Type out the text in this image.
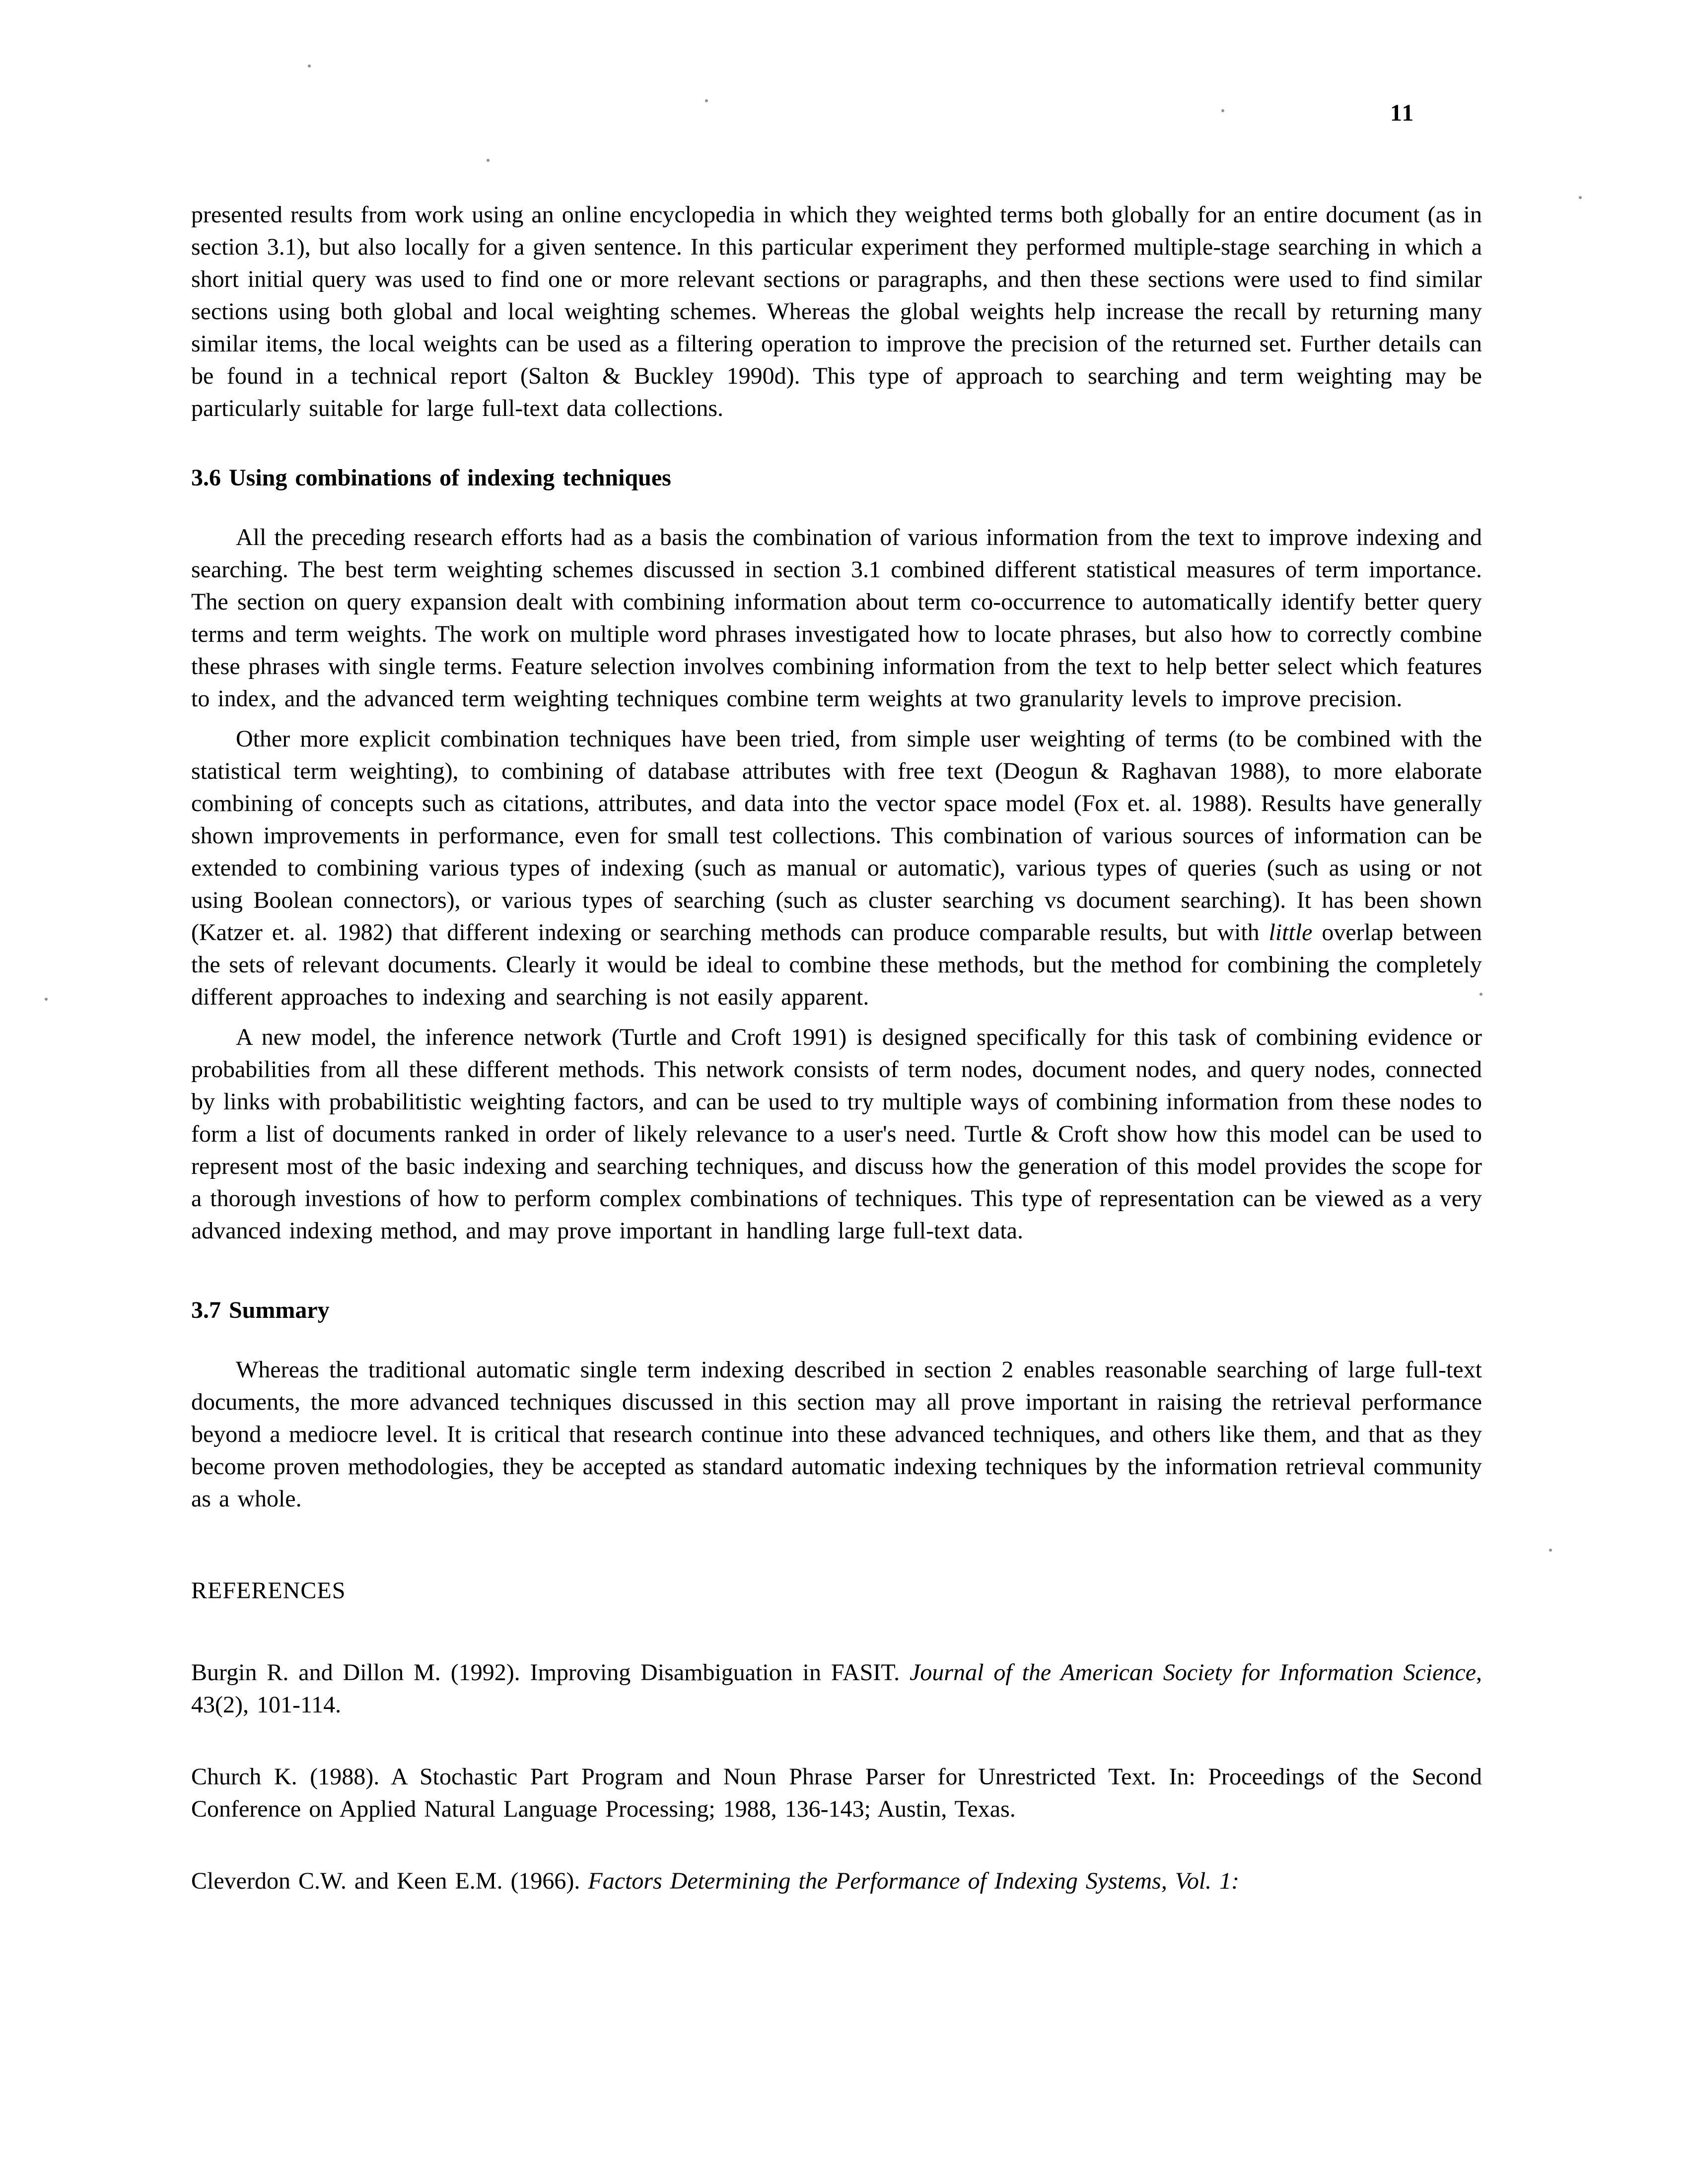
11

presented results from work using an online encyclopedia in which they weighted terms both globally for an entire document (as in section 3.1), but also locally for a given sentence. In this particular experiment they performed multiple-stage searching in which a short initial query was used to find one or more relevant sections or paragraphs, and then these sections were used to find similar sections using both global and local weighting schemes. Whereas the global weights help increase the recall by returning many similar items, the local weights can be used as a filtering operation to improve the precision of the returned set. Further details can be found in a technical report (Salton & Buckley 1990d). This type of approach to searching and term weighting may be particularly suitable for large full-text data collections.

3.6 Using combinations of indexing techniques

All the preceding research efforts had as a basis the combination of various information from the text to improve indexing and searching. The best term weighting schemes discussed in section 3.1 combined different statistical measures of term importance. The section on query expansion dealt with combining information about term co-occurrence to automatically identify better query terms and term weights. The work on multiple word phrases investigated how to locate phrases, but also how to correctly combine these phrases with single terms. Feature selection involves combining information from the text to help better select which features to index, and the advanced term weighting techniques combine term weights at two granularity levels to improve precision.

Other more explicit combination techniques have been tried, from simple user weighting of terms (to be combined with the statistical term weighting), to combining of database attributes with free text (Deogun & Raghavan 1988), to more elaborate combining of concepts such as citations, attributes, and data into the vector space model (Fox et. al. 1988). Results have generally shown improvements in performance, even for small test collections. This combination of various sources of information can be extended to combining various types of indexing (such as manual or automatic), various types of queries (such as using or not using Boolean connectors), or various types of searching (such as cluster searching vs document searching). It has been shown (Katzer et. al. 1982) that different indexing or searching methods can produce comparable results, but with little overlap between the sets of relevant documents. Clearly it would be ideal to combine these methods, but the method for combining the completely different approaches to indexing and searching is not easily apparent.

A new model, the inference network (Turtle and Croft 1991) is designed specifically for this task of combining evidence or probabilities from all these different methods. This network consists of term nodes, document nodes, and query nodes, connected by links with probabilitistic weighting factors, and can be used to try multiple ways of combining information from these nodes to form a list of documents ranked in order of likely relevance to a user's need. Turtle & Croft show how this model can be used to represent most of the basic indexing and searching techniques, and discuss how the generation of this model provides the scope for a thorough investions of how to perform complex combinations of techniques. This type of representation can be viewed as a very advanced indexing method, and may prove important in handling large full-text data.

3.7 Summary

Whereas the traditional automatic single term indexing described in section 2 enables reasonable searching of large full-text documents, the more advanced techniques discussed in this section may all prove important in raising the retrieval performance beyond a mediocre level. It is critical that research continue into these advanced techniques, and others like them, and that as they become proven methodologies, they be accepted as standard automatic indexing techniques by the information retrieval community as a whole.

REFERENCES

Burgin R. and Dillon M. (1992). Improving Disambiguation in FASIT. Journal of the American Society for Information Science, 43(2), 101-114.

Church K. (1988). A Stochastic Part Program and Noun Phrase Parser for Unrestricted Text. In: Proceedings of the Second Conference on Applied Natural Language Processing; 1988, 136-143; Austin, Texas.

Cleverdon C.W. and Keen E.M. (1966). Factors Determining the Performance of Indexing Systems, Vol. 1:
